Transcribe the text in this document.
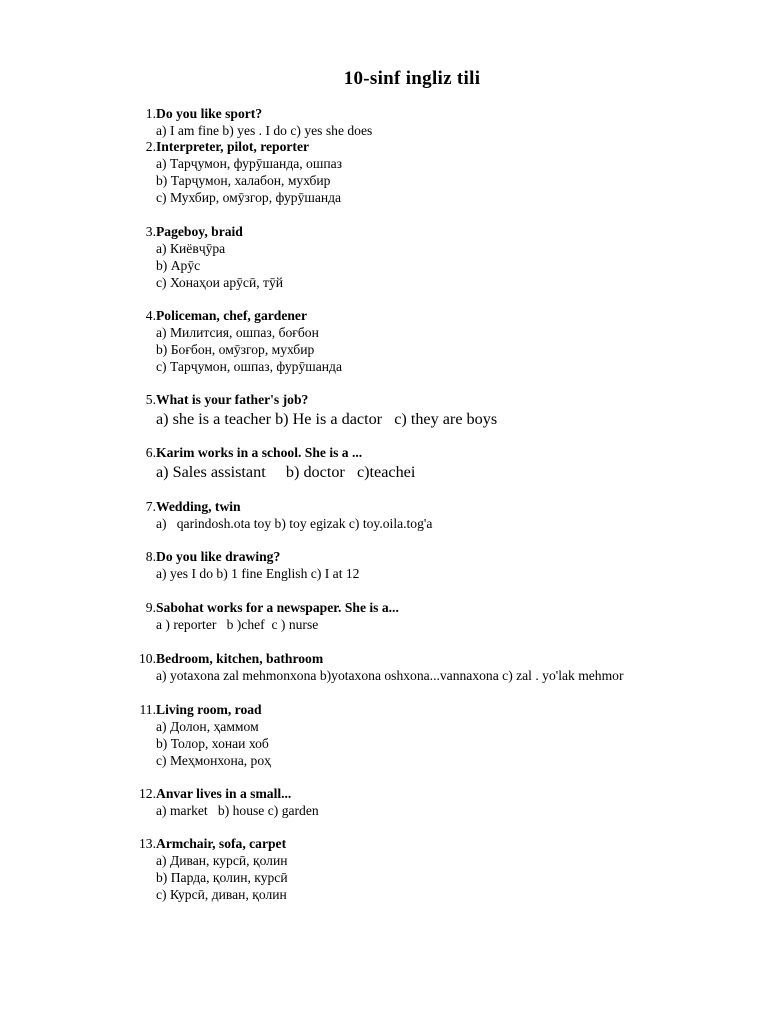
10-sinf ingliz tili
1. Do you like sport?
a) I am fine b) yes . I do c) yes she does
2. Interpreter, pilot, reporter
a) Тарҷумон, фурӯшанда, ошпаз
b) Тарҷумон, халабон, мухбир
c) Мухбир, омӯзгор, фурӯшанда
3. Pageboy, braid
a) Киёвҷӯра
b) Арӯс
c) Хонаҳои арӯсӣ, тӯй
4. Policeman, chef, gardener
a) Милитсия, ошпаз, боғбон
b) Боғбон, омӯзгор, мухбир
c) Тарҷумон, ошпаз, фурӯшанда
5. What is your father's job?
a) she is a teacher b) He is a dactor   c) they are boys
6. Karim works in a school. She is a ...
a) Sales assistant     b) doctor   c)teachei
7. Wedding, twin
a)   qarindosh.ota toy b) toy egizak c) toy.oila.tog'a
8. Do you like drawing?
a) yes I do b) 1 fine English c) I at 12
9. Sabohat works for a newspaper. She is a...
a ) reporter   b )chef  c ) nurse
10. Bedroom, kitchen, bathroom
a) yotaxona zal mehmonxona b)yotaxona oshxona...vannaxona c) zal . yo'lak mehmor
11. Living room, road
a) Долон, ҳаммом
b) Толор, хонаи хоб
c) Меҳмонхона, роҳ
12. Anvar lives in a small...
a) market   b) house c) garden
13. Armchair, sofa, carpet
a) Диван, курсӣ, қолин
b) Парда, қолин, курсӣ
c) Курсӣ, диван, қолин
